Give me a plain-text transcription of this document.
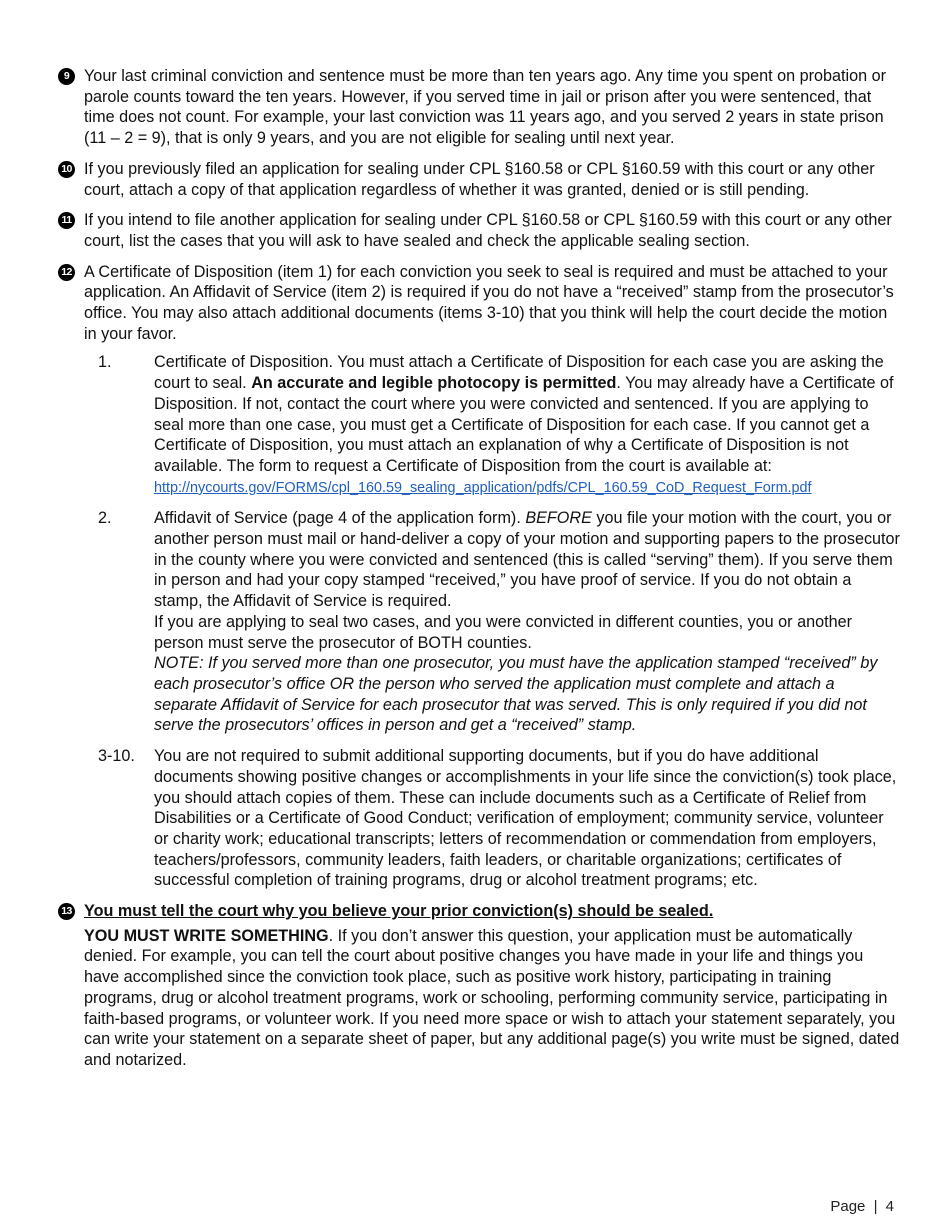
9 Your last criminal conviction and sentence must be more than ten years ago. Any time you spent on probation or parole counts toward the ten years. However, if you served time in jail or prison after you were sentenced, that time does not count. For example, your last conviction was 11 years ago, and you served 2 years in state prison (11 – 2 = 9), that is only 9 years, and you are not eligible for sealing until next year.
10 If you previously filed an application for sealing under CPL §160.58 or CPL §160.59 with this court or any other court, attach a copy of that application regardless of whether it was granted, denied or is still pending.
11 If you intend to file another application for sealing under CPL §160.58 or CPL §160.59 with this court or any other court, list the cases that you will ask to have sealed and check the applicable sealing section.
12 A Certificate of Disposition (item 1) for each conviction you seek to seal is required and must be attached to your application. An Affidavit of Service (item 2) is required if you do not have a “received” stamp from the prosecutor’s office. You may also attach additional documents (items 3-10) that you think will help the court decide the motion in your favor.
1.	Certificate of Disposition. You must attach a Certificate of Disposition for each case you are asking the court to seal. An accurate and legible photocopy is permitted. You may already have a Certificate of Disposition. If not, contact the court where you were convicted and sentenced. If you are applying to seal more than one case, you must get a Certificate of Disposition for each case. If you cannot get a Certificate of Disposition, you must attach an explanation of why a Certificate of Disposition is not available. The form to request a Certificate of Disposition from the court is available at:
http://nycourts.gov/FORMS/cpl_160.59_sealing_application/pdfs/CPL_160.59_CoD_Request_Form.pdf
2.	Affidavit of Service (page 4 of the application form). BEFORE you file your motion with the court, you or another person must mail or hand-deliver a copy of your motion and supporting papers to the prosecutor in the county where you were convicted and sentenced (this is called “serving” them). If you serve them in person and had your copy stamped “received,” you have proof of service. If you do not obtain a stamp, the Affidavit of Service is required.
If you are applying to seal two cases, and you were convicted in different counties, you or another person must serve the prosecutor of BOTH counties.
NOTE: If you served more than one prosecutor, you must have the application stamped “received” by each prosecutor’s office OR the person who served the application must complete and attach a separate Affidavit of Service for each prosecutor that was served. This is only required if you did not serve the prosecutors’ offices in person and get a “received” stamp.
3-10. You are not required to submit additional supporting documents, but if you do have additional documents showing positive changes or accomplishments in your life since the conviction(s) took place, you should attach copies of them. These can include documents such as a Certificate of Relief from Disabilities or a Certificate of Good Conduct; verification of employment; community service, volunteer or charity work; educational transcripts; letters of recommendation or commendation from employers, teachers/professors, community leaders, faith leaders, or charitable organizations; certificates of successful completion of training programs, drug or alcohol treatment programs; etc.
13 You must tell the court why you believe your prior conviction(s) should be sealed.
YOU MUST WRITE SOMETHING. If you don’t answer this question, your application must be automatically denied. For example, you can tell the court about positive changes you have made in your life and things you have accomplished since the conviction took place, such as positive work history, participating in training programs, drug or alcohol treatment programs, work or schooling, performing community service, participating in faith-based programs, or volunteer work. If you need more space or wish to attach your statement separately, you can write your statement on a separate sheet of paper, but any additional page(s) you write must be signed, dated and notarized.
Page | 4
